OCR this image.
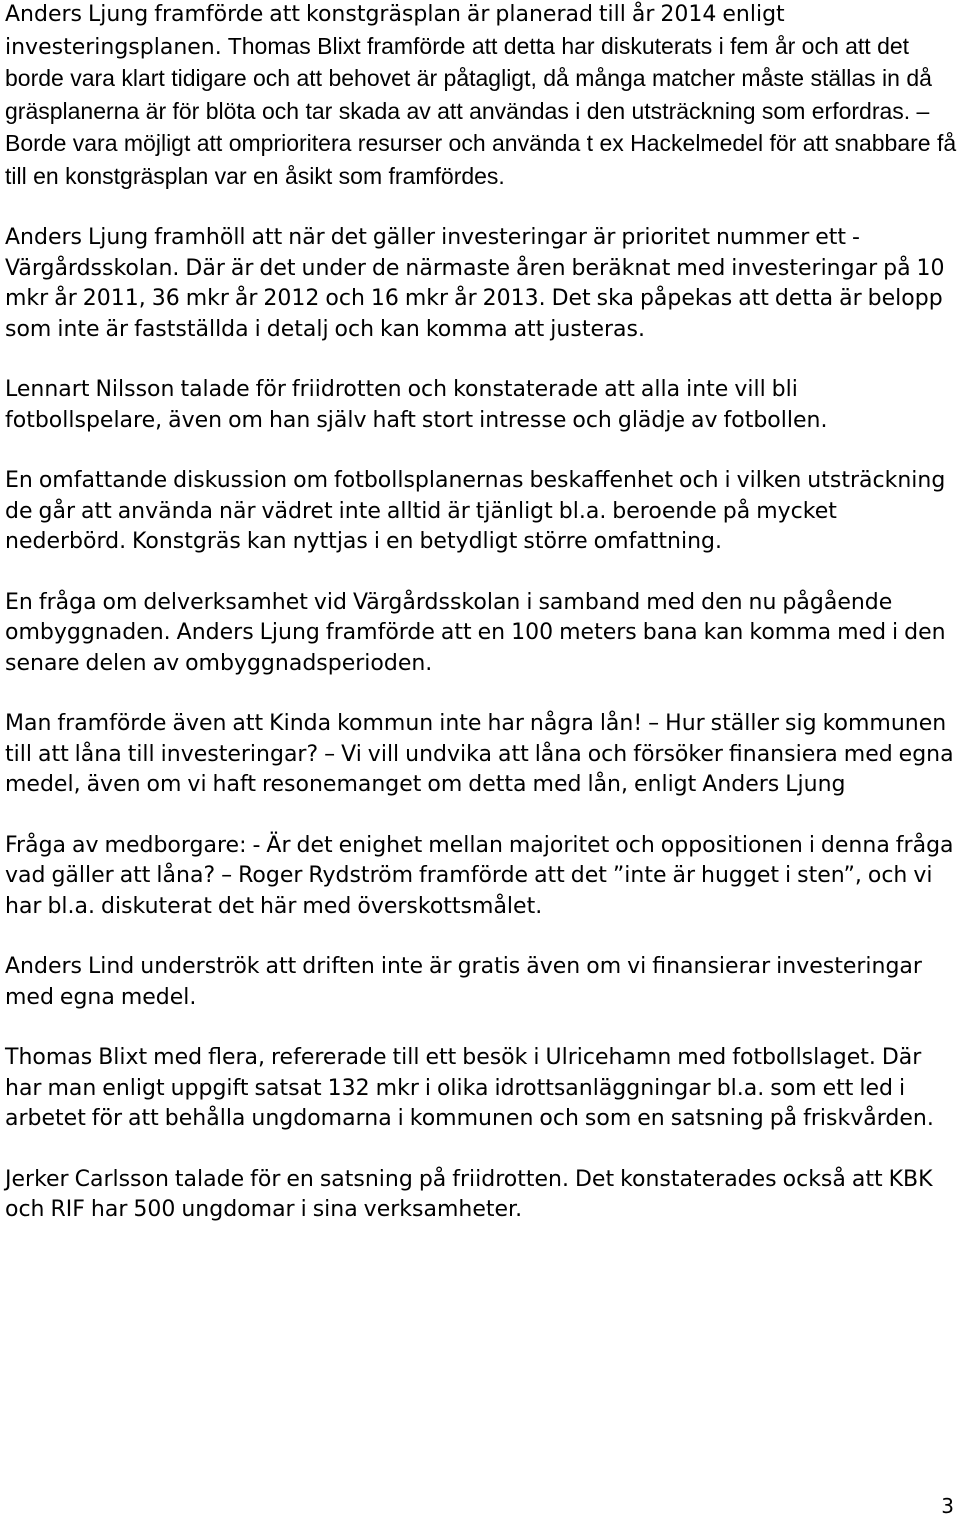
Anders Ljung framförde att konstgräsplan är planerad till år 2014 enligt investeringsplanen. Thomas Blixt framförde att detta har diskuterats i fem år och att det borde vara klart tidigare och att behovet är påtagligt, då många matcher måste ställas in då gräsplanerna är för blöta och tar skada av att användas i den utsträckning som erfordras. – Borde vara möjligt att omprioritera resurser och använda t ex Hackelmedel för att snabbare få till en konstgräsplan var en åsikt som framfördes.

Anders Ljung framhöll att när det gäller investeringar är prioritet nummer ett - Värgårdsskolan. Där är det under de närmaste åren beräknat med investeringar på 10 mkr år 2011, 36 mkr år 2012 och 16 mkr år 2013. Det ska påpekas att detta är belopp som inte är fastställda i detalj och kan komma att justeras.

Lennart Nilsson talade för friidrotten och konstaterade att alla inte vill bli fotbollspelare, även om han själv haft stort intresse och glädje av fotbollen.

En omfattande diskussion om fotbollsplanernas beskaffenhet och i vilken utsträckning de går att använda när vädret inte alltid är tjänligt bl.a. beroende på mycket nederbörd. Konstgräs kan nyttjas i en betydligt större omfattning.

En fråga om delverksamhet vid Värgårdsskolan i samband med den nu pågående ombyggnaden. Anders Ljung framförde att en 100 meters bana kan komma med i den senare delen av ombyggnadsperioden.

Man framförde även att Kinda kommun inte har några lån! – Hur ställer sig kommunen till att låna till investeringar? – Vi vill undvika att låna och försöker finansiera med egna medel, även om vi haft resonemanget om detta med lån, enligt Anders Ljung

Fråga av medborgare: - Är det enighet mellan majoritet och oppositionen i denna fråga vad gäller att låna? – Roger Rydström framförde att det ”inte är hugget i sten”, och vi har bl.a. diskuterat det här med överskottsmålet.

Anders Lind underströk att driften inte är gratis även om vi finansierar investeringar med egna medel.

Thomas Blixt med flera, refererade till ett besök i Ulricehamn med fotbollslaget. Där har man enligt uppgift satsat 132 mkr i olika idrottsanläggningar bl.a. som ett led i arbetet för att behålla ungdomarna i kommunen och som en satsning på friskvården.

Jerker Carlsson talade för en satsning på friidrotten. Det konstaterades också att KBK och RIF har 500 ungdomar i sina verksamheter.

3
